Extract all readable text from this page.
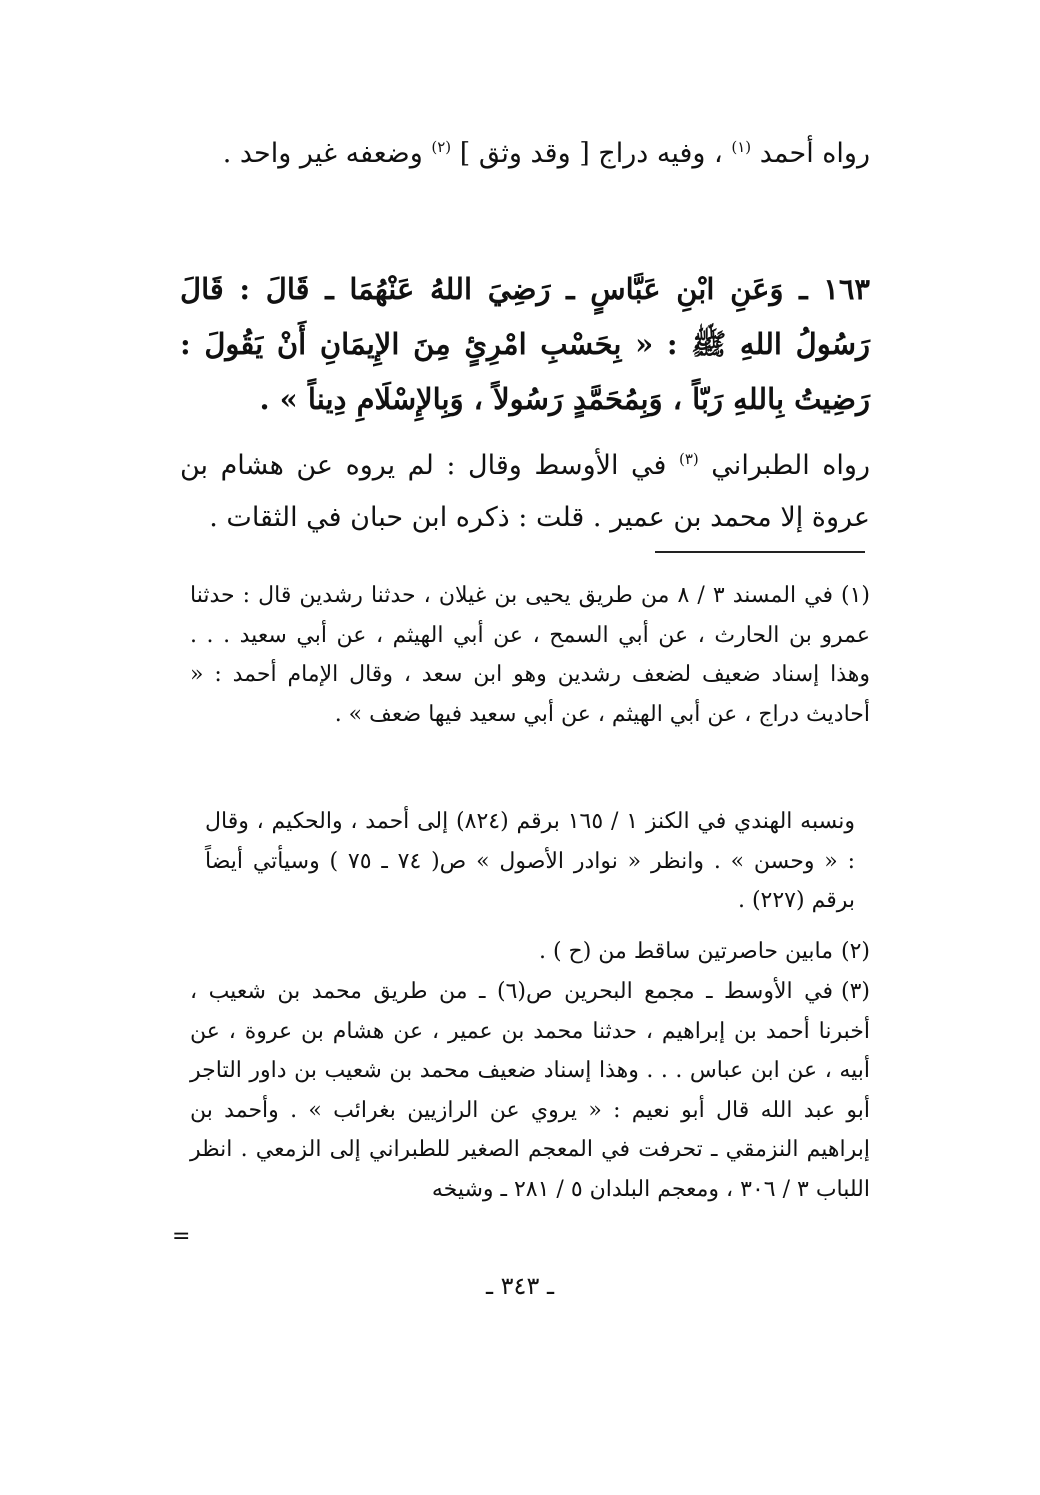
رواه أحمد $^{(١)}$ ، وفيه دراج [ وقد وثق ] $^{(٢)}$ وضعفه غير واحد .

١٦٣ ـ وَعَنِ ابْنِ عَبَّاسٍ ـ رَضِيَ اللهُ عَنْهُمَا ـ قَالَ : قَالَ رَسُولُ اللهِ ﷺ : « بِحَسْبِ امْرِئٍ مِنَ الإِيمَانِ أَنْ يَقُولَ : رَضِيتُ بِاللهِ رَبّاً ، وَبِمُحَمَّدٍ رَسُولاً ، وَبِالإِسْلَامِ دِيناً » .

رواه الطبراني $^{(٣)}$ في الأوسط وقال : لم يروه عن هشام بن عروة إلا محمد بن عمير . قلت : ذكره ابن حبان في الثقات .

(١)في المسند ٣ / ٨ من طريق يحيى بن غيلان ، حدثنا رشدين قال : حدثنا عمرو بن الحارث ، عن أبي السمح ، عن أبي الهيثم ، عن أبي سعيد . . . وهذا إسناد ضعيف لضعف رشدين وهو ابن سعد ، وقال الإمام أحمد : « أحاديث دراج ، عن أبي الهيثم ، عن أبي سعيد فيها ضعف » .

ونسبه الهندي في الكنز ١ / ١٦٥ برقم (٨٢٤) إلى أحمد ، والحكيم ، وقال : « وحسن » . وانظر « نوادر الأصول » ص( ٧٤ ـ ٧٥ ) وسيأتي أيضاً برقم (٢٢٧) .

(٢)مابين حاصرتين ساقط من (ح ) .

(٣)في الأوسط ـ مجمع البحرين ص(٦) ـ من طريق محمد بن شعيب ، أخبرنا أحمد بن إبراهيم ، حدثنا محمد بن عمير ، عن هشام بن عروة ، عن أبيه ، عن ابن عباس . . . وهذا إسناد ضعيف محمد بن شعيب بن داور التاجر أبو عبد الله قال أبو نعيم : « يروي عن الرازيين بغرائب » . وأحمد بن إبراهيم النزمقي ـ تحرفت في المعجم الصغير للطبراني إلى الزمعي . انظر اللباب ٣ / ٣٠٦ ، ومعجم البلدان ٥ / ٢٨١ ـ وشيخه

=
ـ ٣٤٣ ـ
